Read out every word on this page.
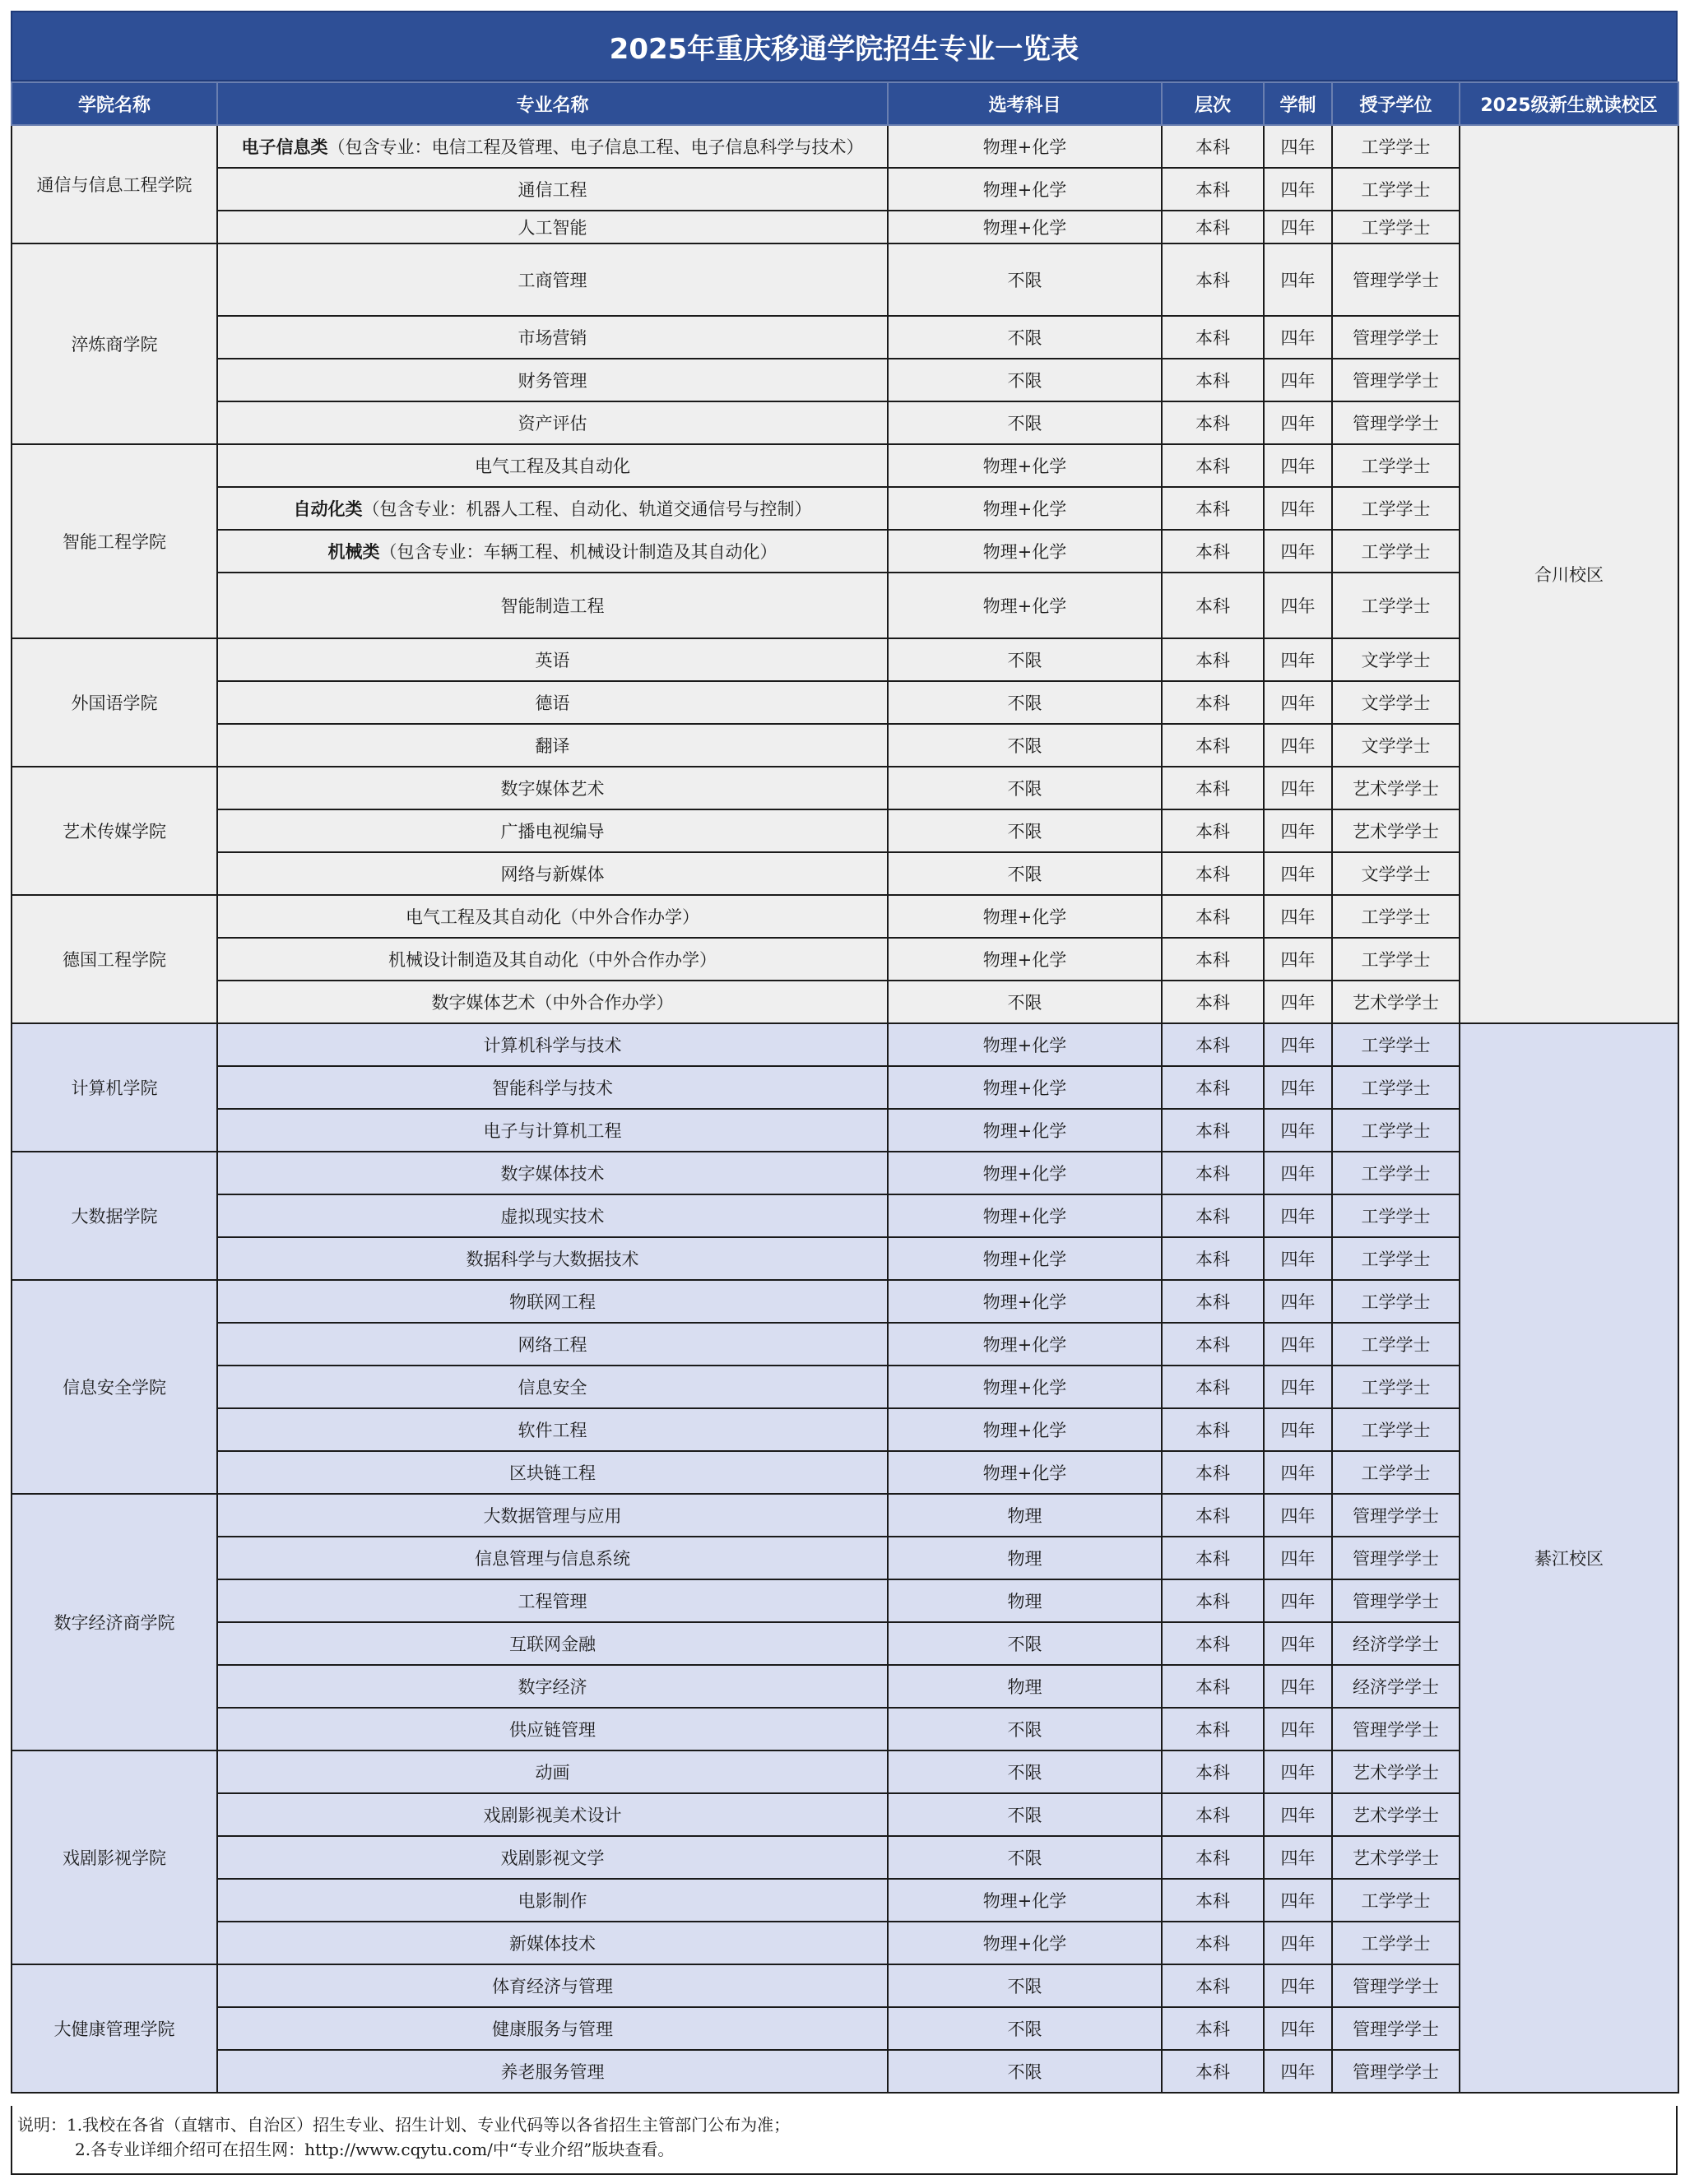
2025年重庆移通学院招生专业一览表
学院名称	专业名称	选考科目	层次	学制	授予学位	2025级新生就读校区
通信与信息工程学院	电子信息类（包含专业：电信工程及管理、电子信息工程、电子信息科学与技术）	物理+化学	本科	四年	工学学士	合川校区
	通信工程	物理+化学	本科	四年	工学学士	
	人工智能	物理+化学	本科	四年	工学学士	
淬炼商学院	工商管理	不限	本科	四年	管理学学士	
	市场营销	不限	本科	四年	管理学学士	
	财务管理	不限	本科	四年	管理学学士	
	资产评估	不限	本科	四年	管理学学士	
智能工程学院	电气工程及其自动化	物理+化学	本科	四年	工学学士	
	自动化类（包含专业：机器人工程、自动化、轨道交通信号与控制）	物理+化学	本科	四年	工学学士	
	机械类（包含专业：车辆工程、机械设计制造及其自动化）	物理+化学	本科	四年	工学学士	
	智能制造工程	物理+化学	本科	四年	工学学士	
外国语学院	英语	不限	本科	四年	文学学士	
	德语	不限	本科	四年	文学学士	
	翻译	不限	本科	四年	文学学士	
艺术传媒学院	数字媒体艺术	不限	本科	四年	艺术学学士	
	广播电视编导	不限	本科	四年	艺术学学士	
	网络与新媒体	不限	本科	四年	文学学士	
德国工程学院	电气工程及其自动化（中外合作办学）	物理+化学	本科	四年	工学学士	
	机械设计制造及其自动化（中外合作办学）	物理+化学	本科	四年	工学学士	
	数字媒体艺术（中外合作办学）	不限	本科	四年	艺术学学士	
计算机学院	计算机科学与技术	物理+化学	本科	四年	工学学士	綦江校区
	智能科学与技术	物理+化学	本科	四年	工学学士	
	电子与计算机工程	物理+化学	本科	四年	工学学士	
大数据学院	数字媒体技术	物理+化学	本科	四年	工学学士	
	虚拟现实技术	物理+化学	本科	四年	工学学士	
	数据科学与大数据技术	物理+化学	本科	四年	工学学士	
信息安全学院	物联网工程	物理+化学	本科	四年	工学学士	
	网络工程	物理+化学	本科	四年	工学学士	
	信息安全	物理+化学	本科	四年	工学学士	
	软件工程	物理+化学	本科	四年	工学学士	
	区块链工程	物理+化学	本科	四年	工学学士	
数字经济商学院	大数据管理与应用	物理	本科	四年	管理学学士	
	信息管理与信息系统	物理	本科	四年	管理学学士	
	工程管理	物理	本科	四年	管理学学士	
	互联网金融	不限	本科	四年	经济学学士	
	数字经济	物理	本科	四年	经济学学士	
	供应链管理	不限	本科	四年	管理学学士	
戏剧影视学院	动画	不限	本科	四年	艺术学学士	
	戏剧影视美术设计	不限	本科	四年	艺术学学士	
	戏剧影视文学	不限	本科	四年	艺术学学士	
	电影制作	物理+化学	本科	四年	工学学士	
	新媒体技术	物理+化学	本科	四年	工学学士	
大健康管理学院	体育经济与管理	不限	本科	四年	管理学学士	
	健康服务与管理	不限	本科	四年	管理学学士	
	养老服务管理	不限	本科	四年	管理学学士	
说明：1.我校在各省（直辖市、自治区）招生专业、招生计划、专业代码等以各省招生主管部门公布为准；
2.各专业详细介绍可在招生网：http://www.cqytu.com/中“专业介绍”版块查看。
